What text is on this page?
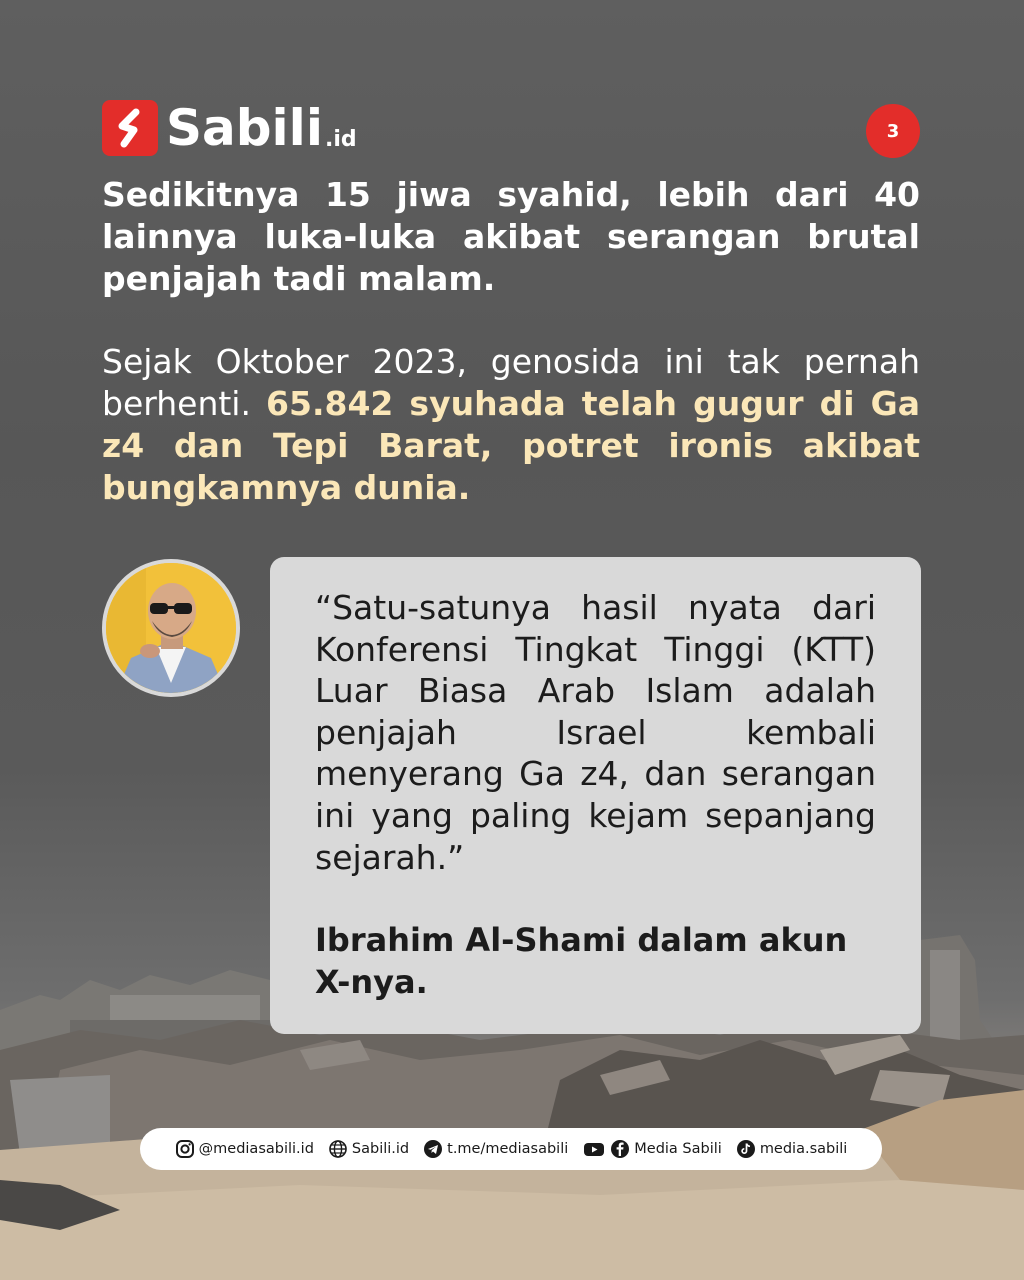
Sabili .id	3

Sedikitnya 15 jiwa syahid, lebih dari 40 lainnya luka-luka akibat serangan brutal penjajah tadi malam.

Sejak Oktober 2023, genosida ini tak pernah berhenti. 65.842 syuhada telah gugur di Ga z4 dan Tepi Barat, potret ironis akibat bungkamnya dunia.

“Satu-satunya hasil nyata dari Konferensi Tingkat Tinggi (KTT) Luar Biasa Arab Islam adalah penjajah Israel kembali menyerang Ga z4, dan serangan ini yang paling kejam sepanjang sejarah.”

Ibrahim Al-Shami dalam akun X-nya.

@mediasabili.id	Sabili.id	t.me/mediasabili	Media Sabili	media.sabili
